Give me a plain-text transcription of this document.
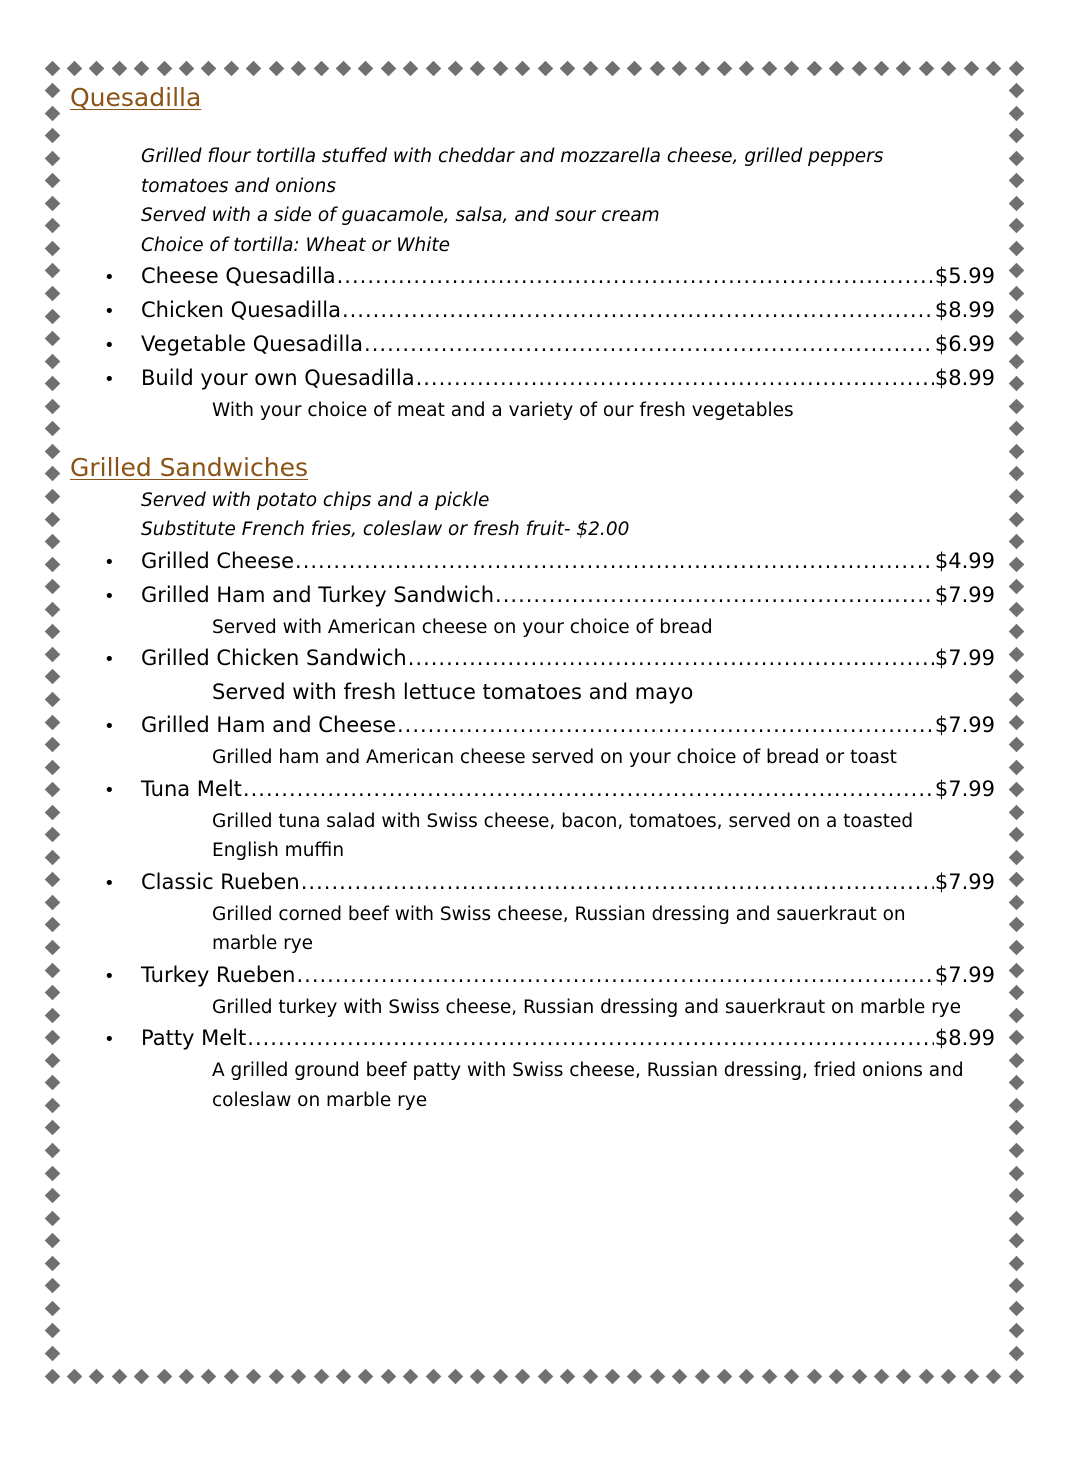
Quesadilla
Grilled flour tortilla stuffed with cheddar and mozzarella cheese, grilled peppers tomatoes and onions
Served with a side of guacamole, salsa, and sour cream
Choice of tortilla: Wheat or White
•	Cheese Quesadilla .....	$5.99
•	Chicken Quesadilla .....	$8.99
•	Vegetable Quesadilla .....	$6.99
•	Build your own Quesadilla .....	$8.99
With your choice of meat and a variety of our fresh vegetables
Grilled Sandwiches
Served with potato chips and a pickle
Substitute French fries, coleslaw or fresh fruit- $2.00
•	Grilled Cheese .....	$4.99
•	Grilled Ham and Turkey Sandwich .....	$7.99
Served with American cheese on your choice of bread
•	Grilled Chicken Sandwich .....	$7.99
Served with fresh lettuce tomatoes and mayo
•	Grilled Ham and Cheese .....	$7.99
Grilled ham and American cheese served on your choice of bread or toast
•	Tuna Melt .....	$7.99
Grilled tuna salad with Swiss cheese, bacon, tomatoes, served on a toasted English muffin
•	Classic Rueben .....	$7.99
Grilled corned beef with Swiss cheese, Russian dressing and sauerkraut on marble rye
•	Turkey Rueben .....	$7.99
Grilled turkey with Swiss cheese, Russian dressing and sauerkraut on marble rye
•	Patty Melt .....	$8.99
A grilled ground beef patty with Swiss cheese, Russian dressing, fried onions and coleslaw on marble rye
